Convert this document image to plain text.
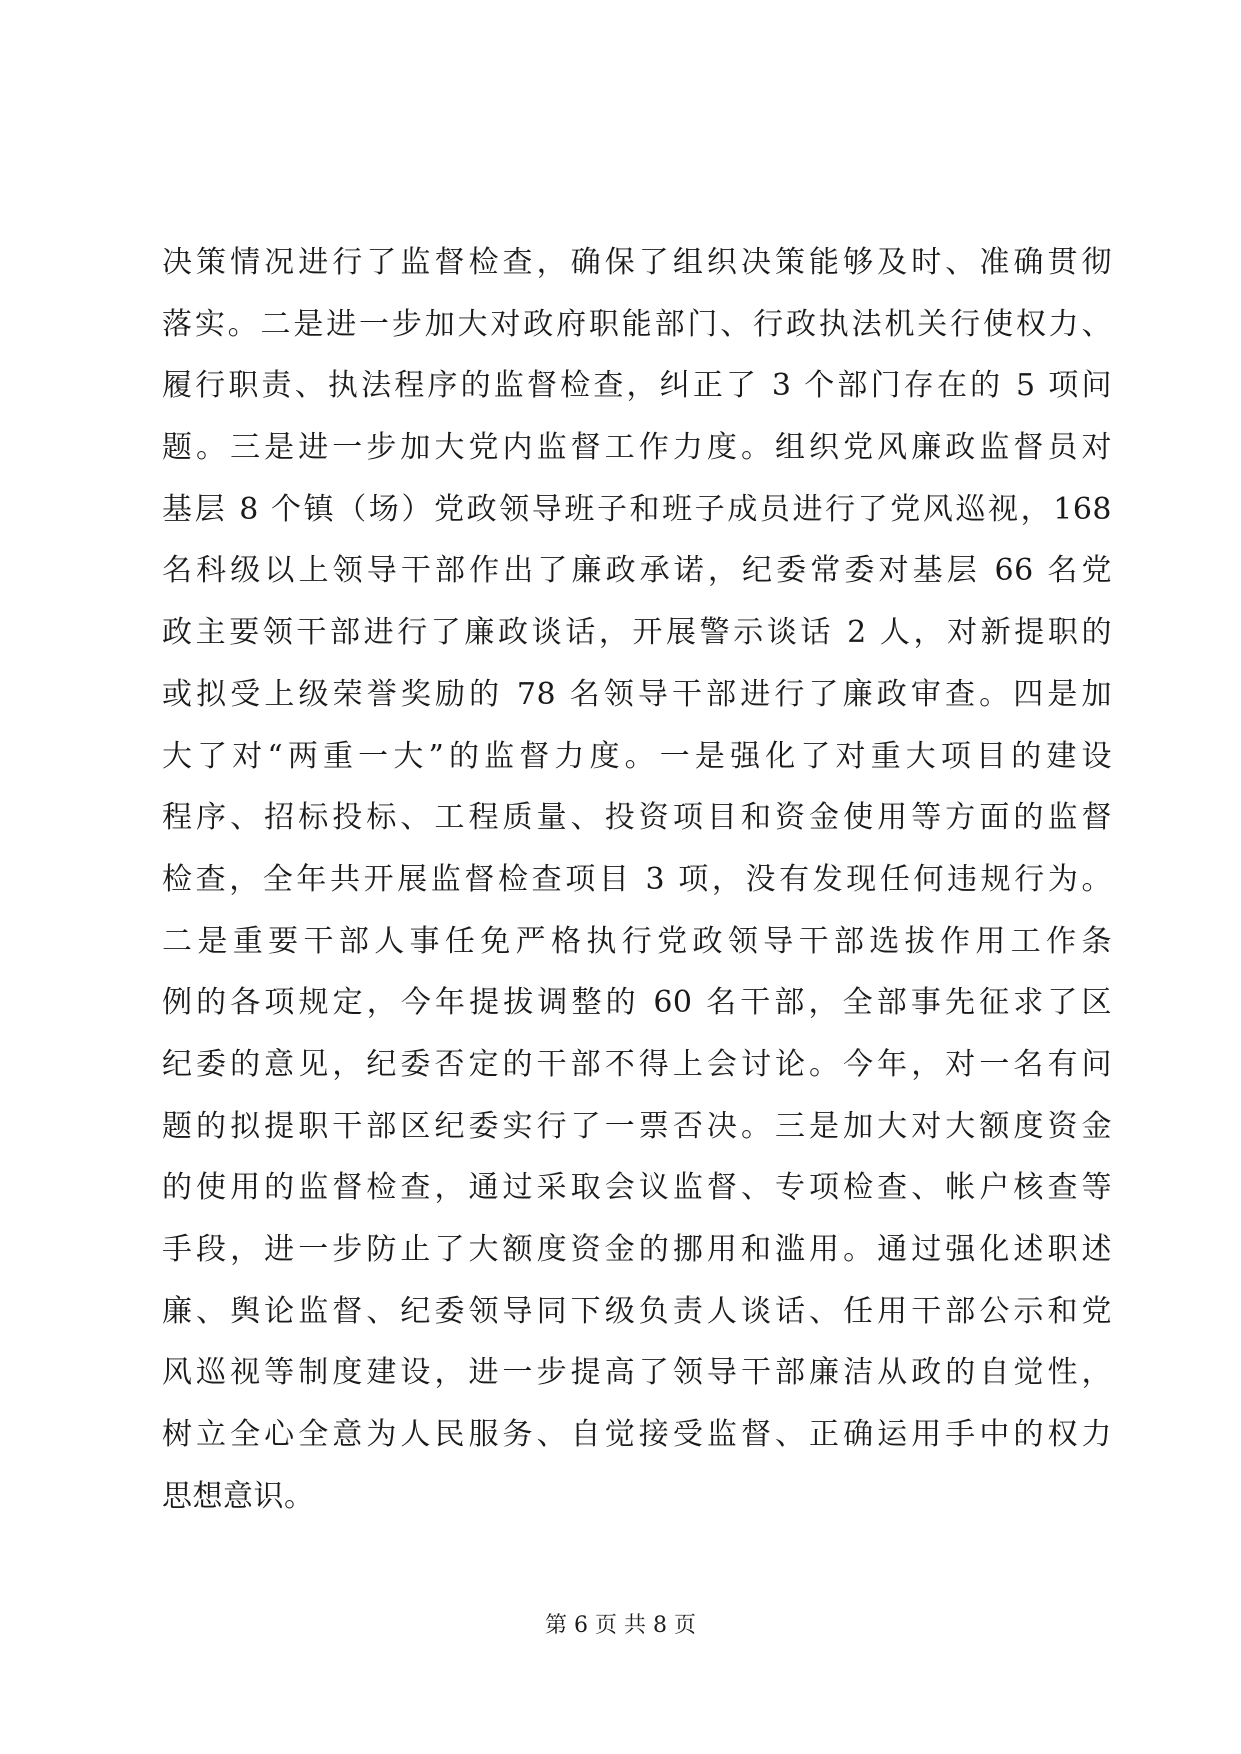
决策情况进行了监督检查，确保了组织决策能够及时、准确贯彻
落实。二是进一步加大对政府职能部门、行政执法机关行使权力、
履行职责、执法程序的监督检查，纠正了 3 个部门存在的 5 项问
题。三是进一步加大党内监督工作力度。组织党风廉政监督员对
基层 8 个镇（场）党政领导班子和班子成员进行了党风巡视，168
名科级以上领导干部作出了廉政承诺，纪委常委对基层 66 名党
政主要领干部进行了廉政谈话，开展警示谈话 2 人，对新提职的
或拟受上级荣誉奖励的 78 名领导干部进行了廉政审查。四是加
大了对“两重一大”的监督力度。一是强化了对重大项目的建设
程序、招标投标、工程质量、投资项目和资金使用等方面的监督
检查，全年共开展监督检查项目 3 项，没有发现任何违规行为。
二是重要干部人事任免严格执行党政领导干部选拔作用工作条
例的各项规定，今年提拔调整的 60 名干部，全部事先征求了区
纪委的意见，纪委否定的干部不得上会讨论。今年，对一名有问
题的拟提职干部区纪委实行了一票否决。三是加大对大额度资金
的使用的监督检查，通过采取会议监督、专项检查、帐户核查等
手段，进一步防止了大额度资金的挪用和滥用。通过强化述职述
廉、舆论监督、纪委领导同下级负责人谈话、任用干部公示和党
风巡视等制度建设，进一步提高了领导干部廉洁从政的自觉性，
树立全心全意为人民服务、自觉接受监督、正确运用手中的权力
思想意识。
第 6 页 共 8 页
